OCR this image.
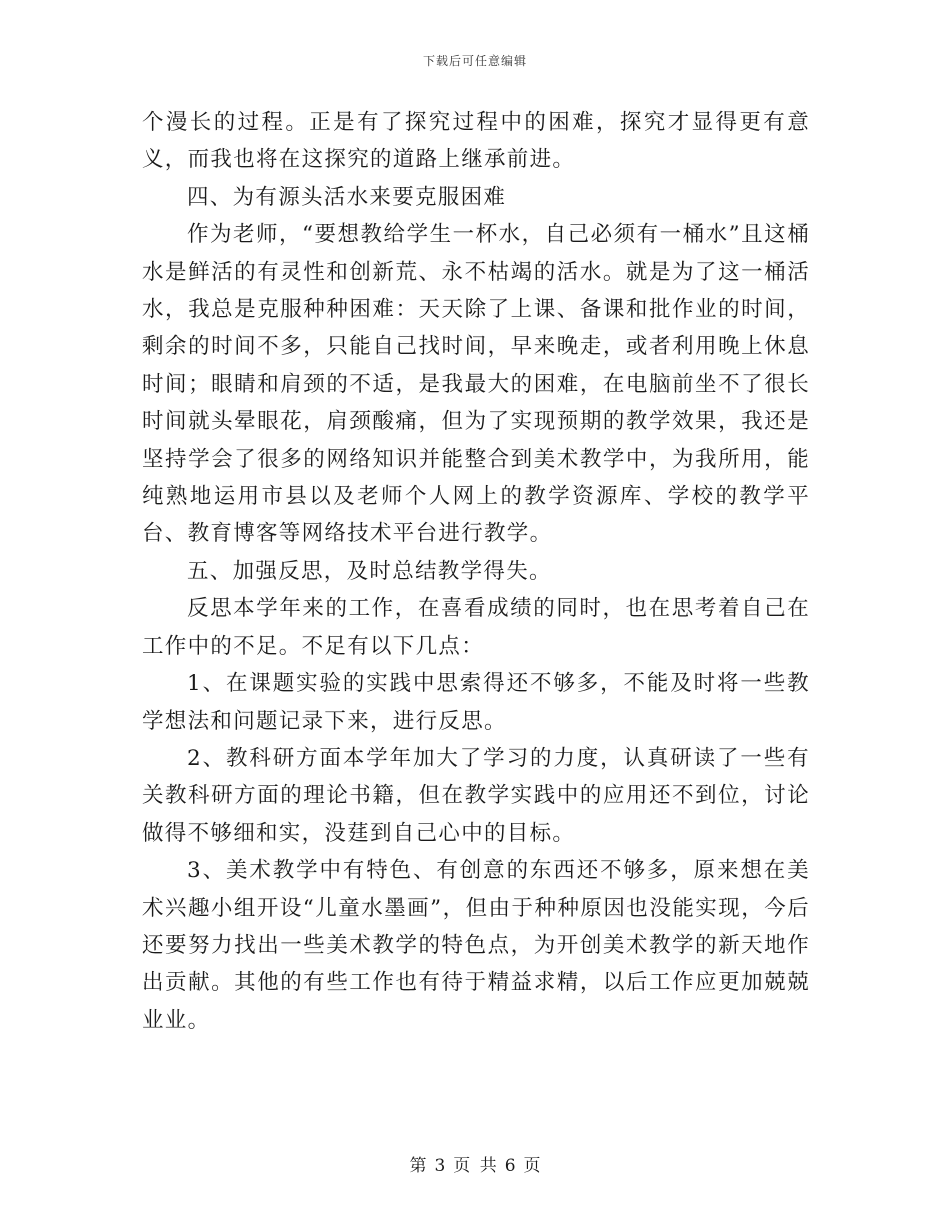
下载后可任意编辑

个漫长的过程。正是有了探究过程中的困难，探究才显得更有意义，而我也将在这探究的道路上继承前进。

四、为有源头活水来要克服困难

作为老师，“要想教给学生一杯水，自己必须有一桶水”且这桶水是鲜活的有灵性和创新荒、永不枯竭的活水。就是为了这一桶活水，我总是克服种种困难：天天除了上课、备课和批作业的时间，剩余的时间不多，只能自己找时间，早来晚走，或者利用晚上休息时间；眼睛和肩颈的不适，是我最大的困难，在电脑前坐不了很长时间就头晕眼花，肩颈酸痛，但为了实现预期的教学效果，我还是坚持学会了很多的网络知识并能整合到美术教学中，为我所用，能纯熟地运用市县以及老师个人网上的教学资源库、学校的教学平台、教育博客等网络技术平台进行教学。

五、加强反思，及时总结教学得失。

反思本学年来的工作，在喜看成绩的同时，也在思考着自己在工作中的不足。不足有以下几点：

1、在课题实验的实践中思索得还不够多，不能及时将一些教学想法和问题记录下来，进行反思。

2、教科研方面本学年加大了学习的力度，认真研读了一些有关教科研方面的理论书籍，但在教学实践中的应用还不到位，讨论做得不够细和实，没莛到自己心中的目标。

3、美术教学中有特色、有创意的东西还不够多，原来想在美术兴趣小组开设“儿童水墨画”，但由于种种原因也没能实现，今后还要努力找出一些美术教学的特色点，为开创美术教学的新天地作出贡献。其他的有些工作也有待于精益求精，以后工作应更加兢兢业业。

第 3 页 共 6 页
